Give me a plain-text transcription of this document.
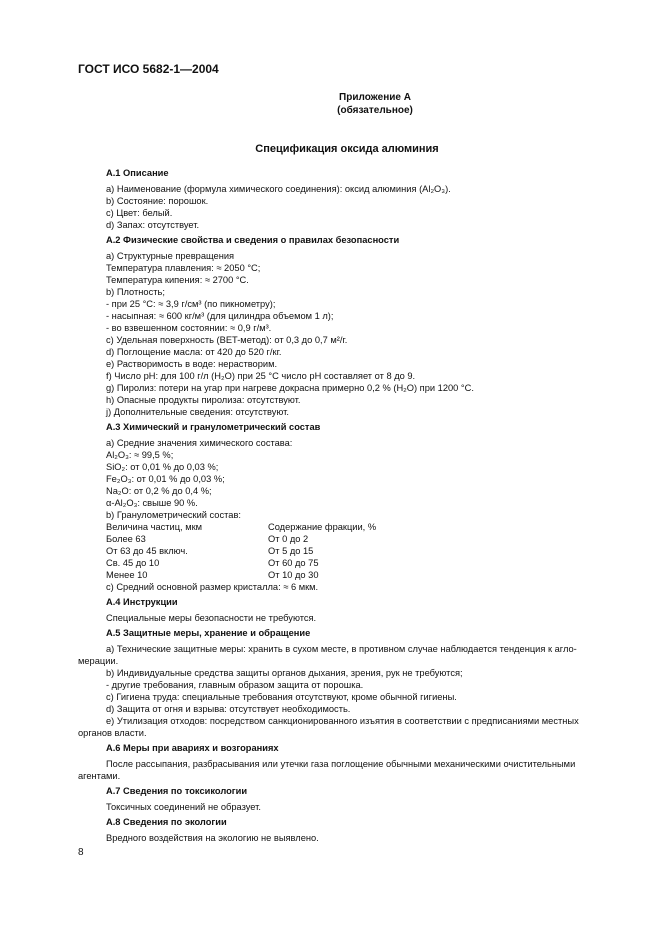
ГОСТ ИСО 5682-1—2004
Приложение А
(обязательное)
Спецификация оксида алюминия
А.1 Описание
a) Наименование (формула химического соединения): оксид алюминия (Al₂O₃).
b) Состояние: порошок.
c) Цвет: белый.
d) Запах: отсутствует.
А.2 Физические свойства и сведения о правилах безопасности
a) Структурные превращения
Температура плавления: ≈ 2050 °C;
Температура кипения: ≈ 2700 °C.
b) Плотность;
- при 25 °C: ≈ 3,9 г/см³ (по пикнометру);
- насыпная: ≈ 600 кг/м³ (для цилиндра объемом 1 л);
- во взвешенном состоянии: ≈ 0,9 г/м³.
c) Удельная поверхность (BET-метод): от 0,3 до 0,7 м²/г.
d) Поглощение масла: от 420 до 520 г/кг.
e) Растворимость в воде: нерастворим.
f) Число рН: для 100 г/л (Н₂О) при 25 °С число рН составляет от 8 до 9.
g) Пиролиз: потери на угар при нагреве докрасна примерно 0,2 % (Н₂О) при 1200 °С.
h) Опасные продукты пиролиза: отсутствуют.
j) Дополнительные сведения: отсутствуют.
А.3 Химический и гранулометрический состав
a) Средние значения химического состава:
Al₂O₃: ≈ 99,5 %;
SiO₂: от 0,01 % до 0,03 %;
Fe₂O₃: от 0,01 % до 0,03 %;
Na₂O: от 0,2 % до 0,4 %;
α-Al₂O₃: свыше 90 %.
b) Гранулометрический состав:
Величина частиц, мкм	Содержание фракции, %
Более 63	От 0 до 2
От 63 до 45 включ.	От 5 до 15
Св. 45 до 10	От 60 до 75
Менее 10	От 10 до 30
c) Средний основной размер кристалла: ≈ 6 мкм.
А.4 Инструкции
Специальные меры безопасности не требуются.
А.5 Защитные меры, хранение и обращение
a) Технические защитные меры: хранить в сухом месте, в противном случае наблюдается тенденция к агло-
мерации.
b) Индивидуальные средства защиты органов дыхания, зрения, рук не требуются;
- другие требования, главным образом защита от порошка.
c) Гигиена труда: специальные требования отсутствуют, кроме обычной гигиены.
d) Защита от огня и взрыва: отсутствует необходимость.
e) Утилизация отходов: посредством санкционированного изъятия в соответствии с предписаниями местных
органов власти.
А.6 Меры при авариях и возгораниях
После рассыпания, разбрасывания или утечки газа поглощение обычными механическими очистительными
агентами.
А.7 Сведения по токсикологии
Токсичных соединений не образует.
А.8 Сведения по экологии
Вредного воздействия на экологию не выявлено.
8
